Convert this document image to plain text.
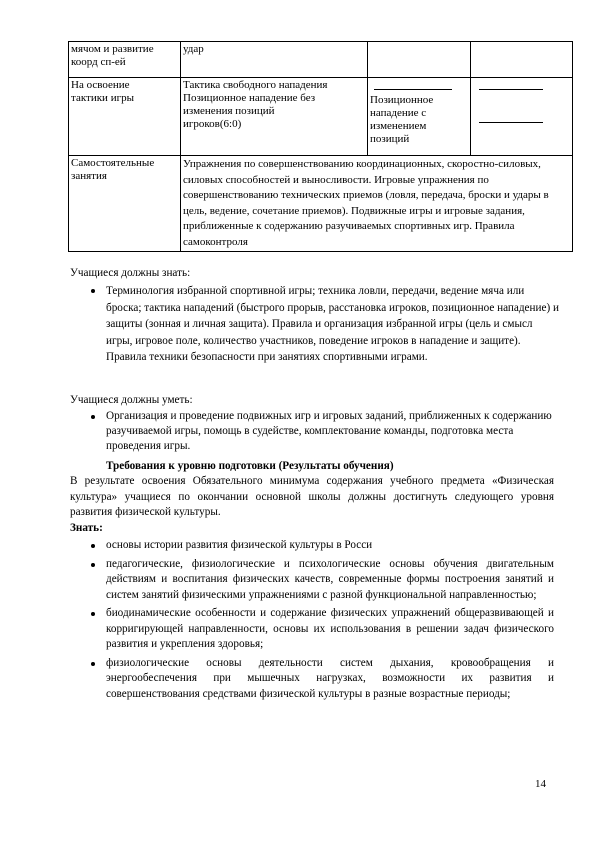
мячом и развитие
коорд сп-ей	удар		

На освоение
тактики игры	Тактика свободного нападения
Позиционное нападение без
изменения позиций
игроков(6:0)	Позиционное
нападение с
изменением
позиций	

Самостоятельные
занятия	Упражнения по совершенствованию координационных, скоростно-силовых, силовых способностей и выносливости. Игровые упражнения по совершенствованию технических приемов (ловля, передача, броски и удары в цель, ведение, сочетание приемов). Подвижные игры и игровые задания, приближенные к содержанию разучиваемых спортивных игр. Правила самоконтроля		
Учащиеся должны знать:
Терминология избранной спортивной игры; техника ловли, передачи, ведение мяча или броска; тактика нападений (быстрого прорыв, расстановка игроков, позиционное нападение) и защиты (зонная и личная защита). Правила и организация избранной игры (цель и смысл игры, игровое поле, количество участников, поведение игроков в нападение и защите). Правила техники безопасности при занятиях спортивными играми.
Учащиеся должны уметь:
Организация и проведение подвижных игр и игровых заданий, приближенных к содержанию разучиваемой игры, помощь в судействе, комплектование команды, подготовка места проведения игры.
Требования к уровню подготовки (Результаты обучения)
В результате освоения Обязательного минимума содержания учебного предмета «Физическая культура» учащиеся по окончании основной школы должны достигнуть следующего уровня развития физической культуры.
Знать:
основы истории развития физической культуры в Росси
педагогические, физиологические и психологические основы обучения двигательным действиям и воспитания физических качеств, современные формы построения занятий и систем занятий физическими упражнениями с разной функциональной направленностью;
биодинамические особенности и содержание физических упражнений общеразвивающей и корригирующей направленности, основы их использования в решении задач физического развития и укрепления здоровья;
физиологические основы деятельности систем дыхания, кровообращения и энергообеспечения при мышечных нагрузках, возможности их развития и совершенствования средствами физической культуры в разные возрастные периоды;
14
